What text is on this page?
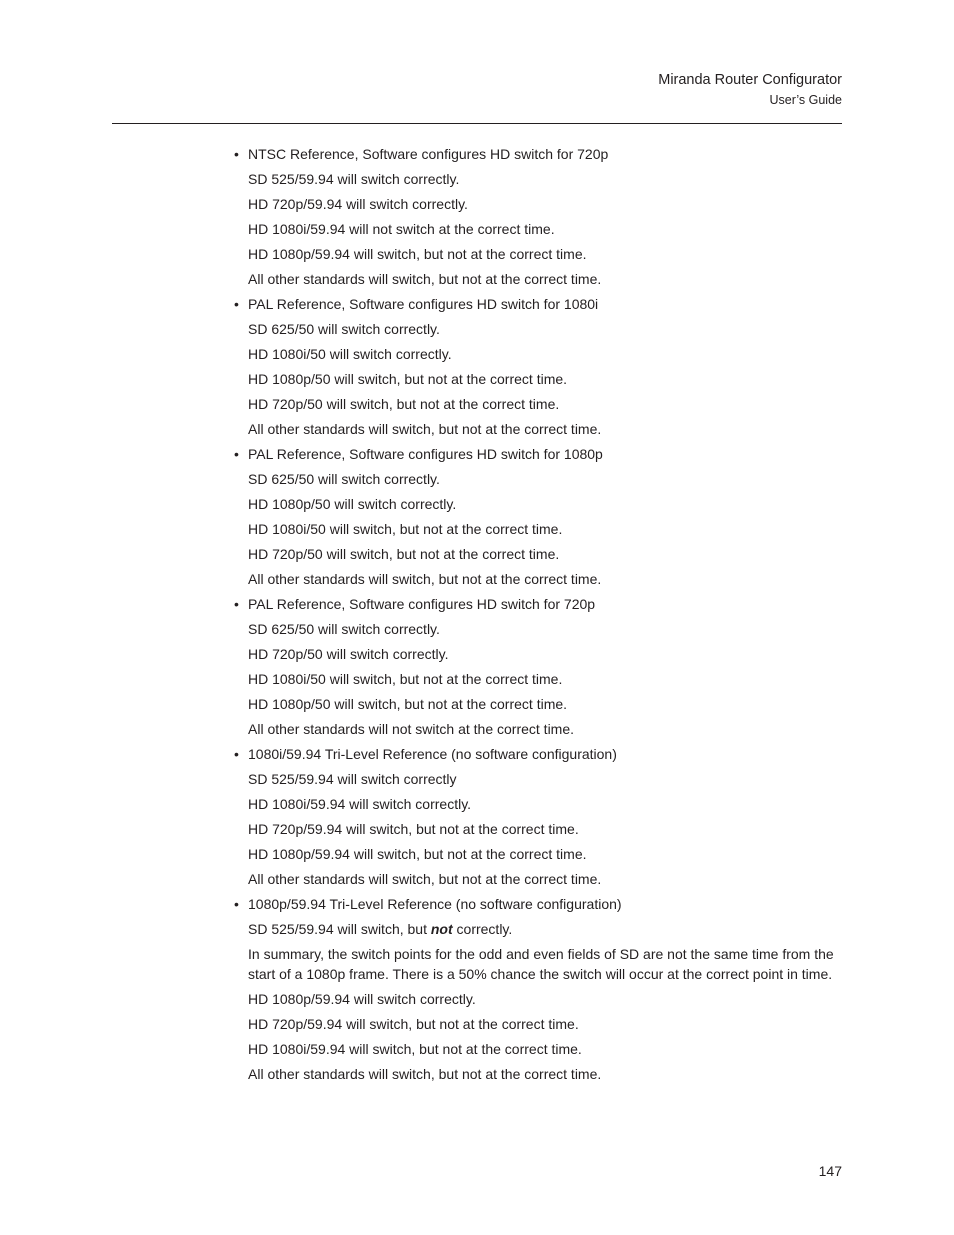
Miranda Router Configurator
User’s Guide
• NTSC Reference, Software configures HD switch for 720p
SD 525/59.94 will switch correctly.
HD 720p/59.94 will switch correctly.
HD 1080i/59.94 will not switch at the correct time.
HD 1080p/59.94 will switch, but not at the correct time.
All other standards will switch, but not at the correct time.
• PAL Reference, Software configures HD switch for 1080i
SD 625/50 will switch correctly.
HD 1080i/50 will switch correctly.
HD 1080p/50 will switch, but not at the correct time.
HD 720p/50 will switch, but not at the correct time.
All other standards will switch, but not at the correct time.
• PAL Reference, Software configures HD switch for 1080p
SD 625/50 will switch correctly.
HD 1080p/50 will switch correctly.
HD 1080i/50 will switch, but not at the correct time.
HD 720p/50 will switch, but not at the correct time.
All other standards will switch, but not at the correct time.
• PAL Reference, Software configures HD switch for 720p
SD 625/50 will switch correctly.
HD 720p/50 will switch correctly.
HD 1080i/50 will switch, but not at the correct time.
HD 1080p/50 will switch, but not at the correct time.
All other standards will not switch at the correct time.
• 1080i/59.94 Tri-Level Reference (no software configuration)
SD 525/59.94 will switch correctly
HD 1080i/59.94 will switch correctly.
HD 720p/59.94 will switch, but not at the correct time.
HD 1080p/59.94 will switch, but not at the correct time.
All other standards will switch, but not at the correct time.
• 1080p/59.94 Tri-Level Reference (no software configuration)
SD 525/59.94 will switch, but not correctly.
In summary, the switch points for the odd and even fields of SD are not the same time from the start of a 1080p frame. There is a 50% chance the switch will occur at the correct point in time.
HD 1080p/59.94 will switch correctly.
HD 720p/59.94 will switch, but not at the correct time.
HD 1080i/59.94 will switch, but not at the correct time.
All other standards will switch, but not at the correct time.
147
